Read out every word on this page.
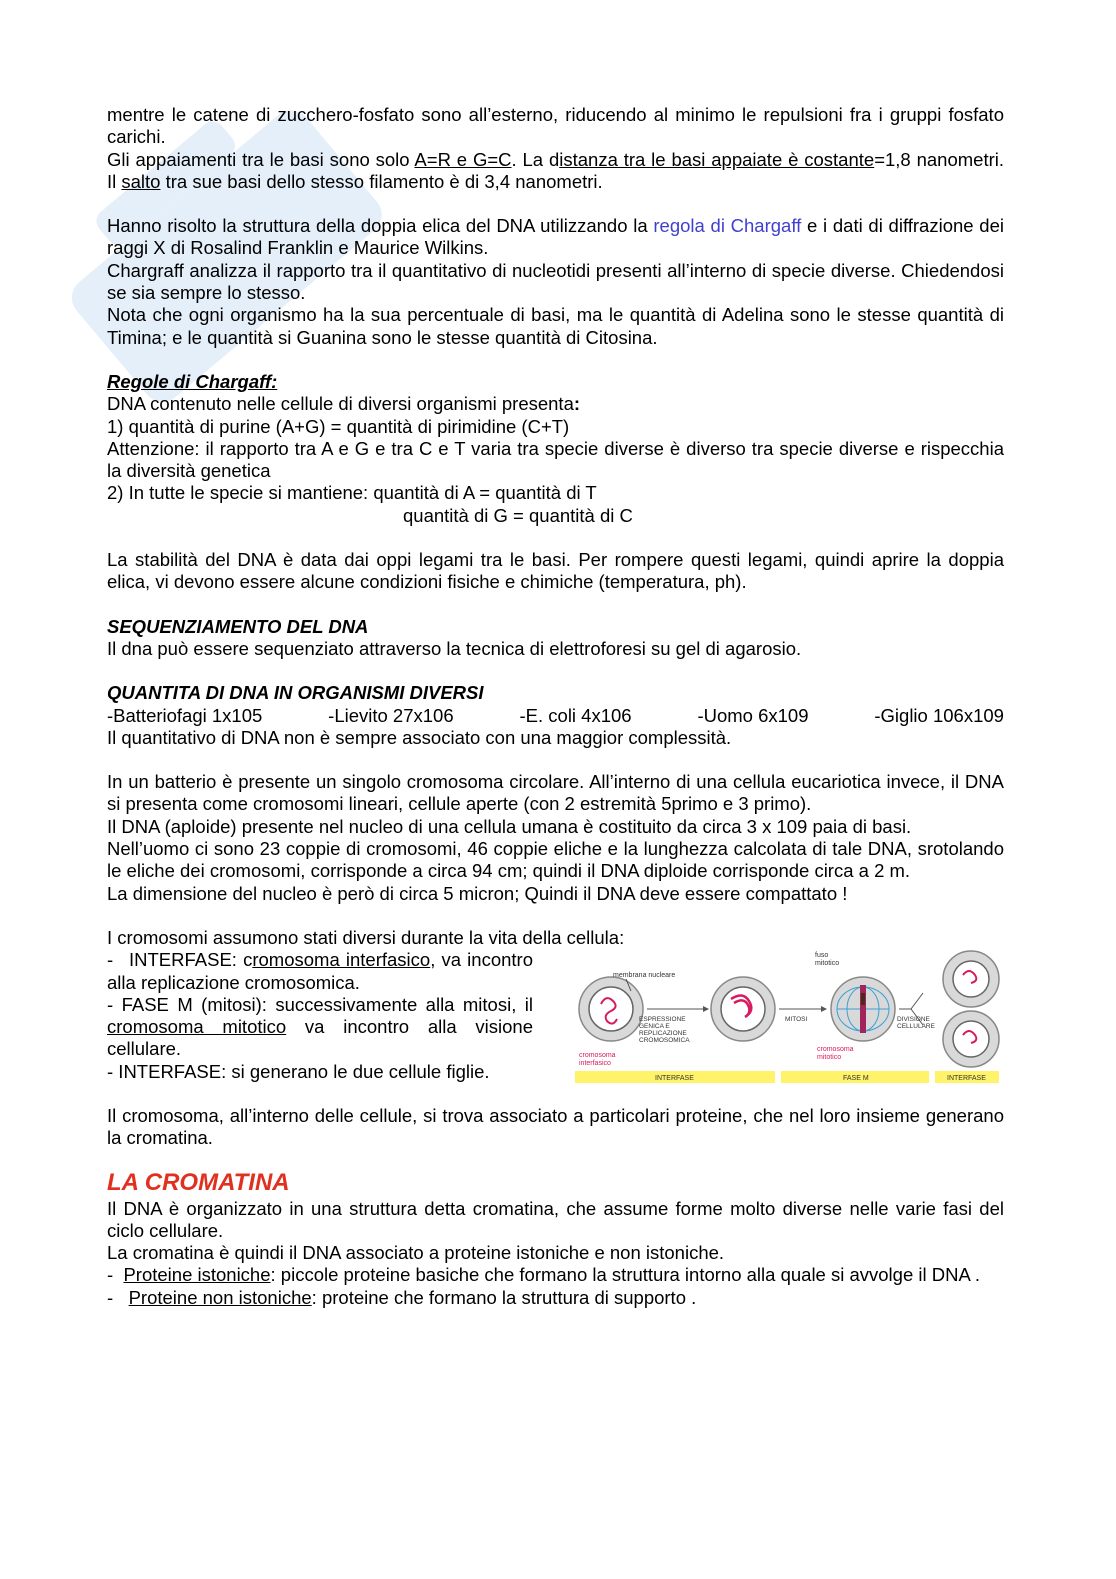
mentre le catene di zucchero-fosfato sono all’esterno, riducendo al minimo le repulsioni fra i gruppi fosfato carichi.

Gli appaiamenti tra le basi sono solo A=R e G=C. La distanza tra le basi appaiate è costante=1,8 nanometri. Il salto tra sue basi dello stesso filamento è di 3,4 nanometri.

Hanno risolto la struttura della doppia elica del DNA utilizzando la regola di Chargaff e i dati di diffrazione dei raggi X di Rosalind Franklin e Maurice Wilkins.

Chargraff analizza il rapporto tra il quantitativo di nucleotidi presenti all’interno di specie diverse. Chiedendosi se sia sempre lo stesso.

Nota che ogni organismo ha la sua percentuale di basi, ma le quantità di Adelina sono le stesse quantità di Timina; e le quantità si Guanina sono le stesse quantità di Citosina.

Regole di Chargaff:

DNA contenuto nelle cellule di diversi organismi presenta:

1) quantità di purine (A+G) = quantità di pirimidine (C+T)

Attenzione: il rapporto tra A e G e tra C e T varia tra specie diverse è diverso tra specie diverse e rispecchia la diversità genetica

2) In tutte le specie si mantiene: quantità di A = quantità di T

quantità di G = quantità di C

La stabilità del DNA è data dai oppi legami tra le basi. Per rompere questi legami, quindi aprire la doppia elica, vi devono essere alcune condizioni fisiche e chimiche (temperatura, ph).

SEQUENZIAMENTO DEL DNA

Il dna può essere sequenziato attraverso la tecnica di elettroforesi su gel di agarosio.

QUANTITA DI DNA IN ORGANISMI DIVERSI

-Batteriofagi 1x105	-Lievito 27x106	-E. coli 4x106	-Uomo 6x109	-Giglio 106x109

Il quantitativo di DNA non è sempre associato con una maggior complessità.

In un batterio è presente un singolo cromosoma circolare. All’interno di una cellula eucariotica invece, il DNA si presenta come cromosomi lineari, cellule aperte (con 2 estremità 5primo e 3 primo).

Il DNA (aploide) presente nel nucleo di una cellula umana è costituito da circa 3 x 109 paia di basi.

Nell’uomo ci sono 23 coppie di cromosomi, 46 coppie eliche e la lunghezza calcolata di tale DNA, srotolando le eliche dei cromosomi, corrisponde a circa 94 cm; quindi il DNA diploide corrisponde circa a 2 m.

La dimensione del nucleo è però di circa 5 micron; Quindi il DNA deve essere compattato !

I cromosomi assumono stati diversi durante la vita della cellula:

- INTERFASE: cromosoma interfasico, va incontro alla replicazione cromosomica.
- FASE M (mitosi): successivamente alla mitosi, il cromosoma mitotico va incontro alla visione cellulare.
- INTERFASE: si generano le due cellule figlie.
membrana nucleare
cromosoma
interfasico
ESPRESSIONE
GENICA E
REPLICAZIONE
CROMOSOMICA
MITOSI
fuso
mitotico
cromosoma
mitotico
DIVISIONE
CELLULARE
INTERFASE	FASE M	INTERFASE

Il cromosoma, all’interno delle cellule, si trova associato a particolari proteine, che nel loro insieme generano la cromatina.

LA CROMATINA

Il DNA è organizzato in una struttura detta cromatina, che assume forme molto diverse nelle varie fasi del ciclo cellulare.

La cromatina è quindi il DNA associato a proteine istoniche e non istoniche.

- Proteine istoniche: piccole proteine basiche che formano la struttura intorno alla quale si avvolge il DNA .

- Proteine non istoniche: proteine che formano la struttura di supporto .
